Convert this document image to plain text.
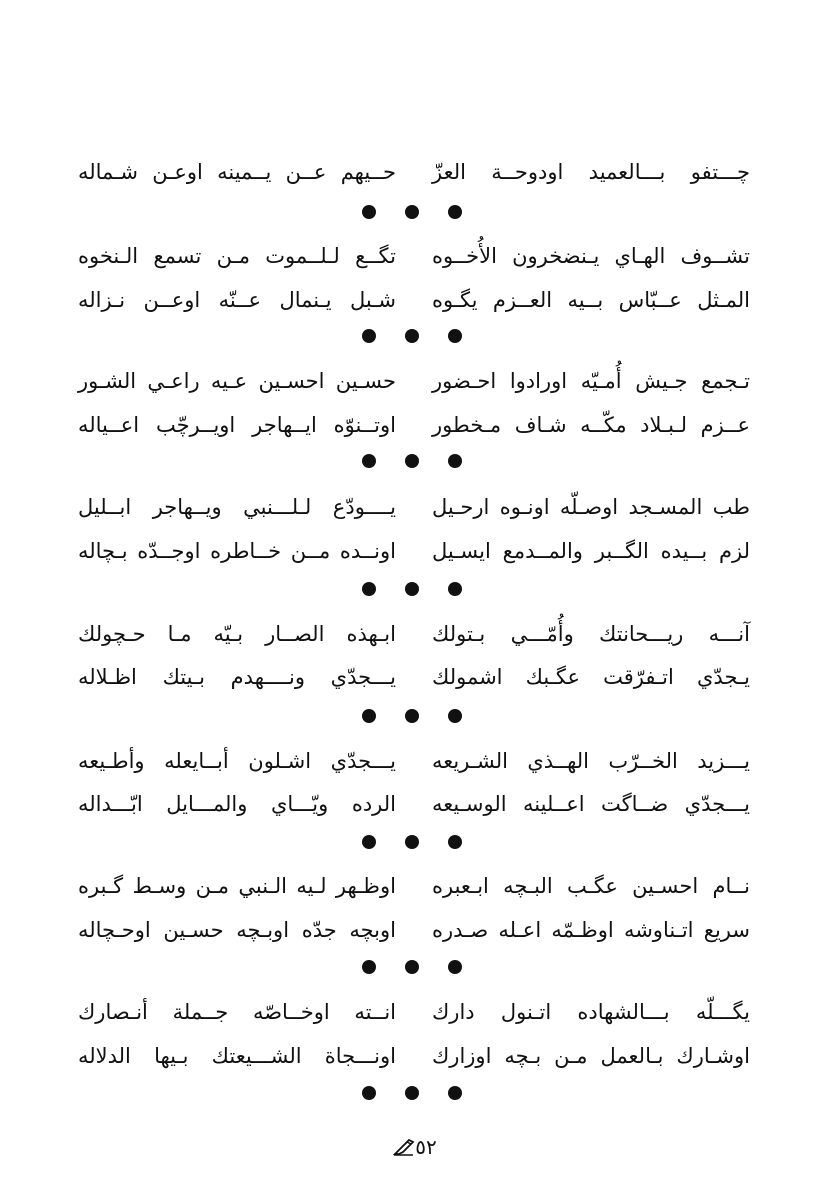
چـــتفو بـــالعميد اودوحــة العزّ
حــيهم عــن يــمينه اوعـن شـماله
تشــوف الهـاي يـنضخرون الأُخــوه
تگــع لـلــموت مـن تسمع الـنخوه
المـثل عــبّاس بــيه العــزم يگـوه
شـبل يـنمال عــنّه اوعــن نـزاله
تـجمع جـيش أُمـيّه اورادوا احـضور
حسـين احسـين عـيه راعـي الشـور
عــزم لـبـلاد مكّــه شـاف مـخطور
اوتــنوّه ايــهاجر اويــرچّب اعــياله
طب المسـجد اوصـلّه اونـوه ارحـيل
يــــودّع لـلـــنبي ويــهاجر ابــليل
لزم بــيده الگــبر والمــدمع ايسـيل
اونــده مــن خــاطره اوجــدّه بـچاله
آنـــه ريـــحانتك وأُمّـــي بـتولك
ابـهذه الصــار بـيّه مـا حـچولك
يـجدّي اتـفرّقت عگـبك اشمولك
يـــجدّي ونــــهدم بـيتك اظـلاله
يـــزيد الخــرّب الهــذي الشـريعه
يـــجدّي اشـلون أبــايعله وأطـيعه
يـــجدّي ضــاگت اعــلينه الوسـيعه
الرده ويّـــاي والمـــايل ابّـــداله
نــام احسـين عگـب البـچه ابـعبره
اوظـهر لـيه الـنبي مـن وسـط گـبره
سريع اتـناوشه اوظـمّه اعـله صـدره
اوبچه جدّه اوبـچه حسـين اوحـچاله
يگـــلّه بـــالشهاده اتـنول دارك
انــته اوخــاصّه جــملة أنـصارك
اوشـارك بـالعمل مـن بـچه اوزارك
اونـــجاة الشـــيعتك بـيها الدلاله
٥٢
